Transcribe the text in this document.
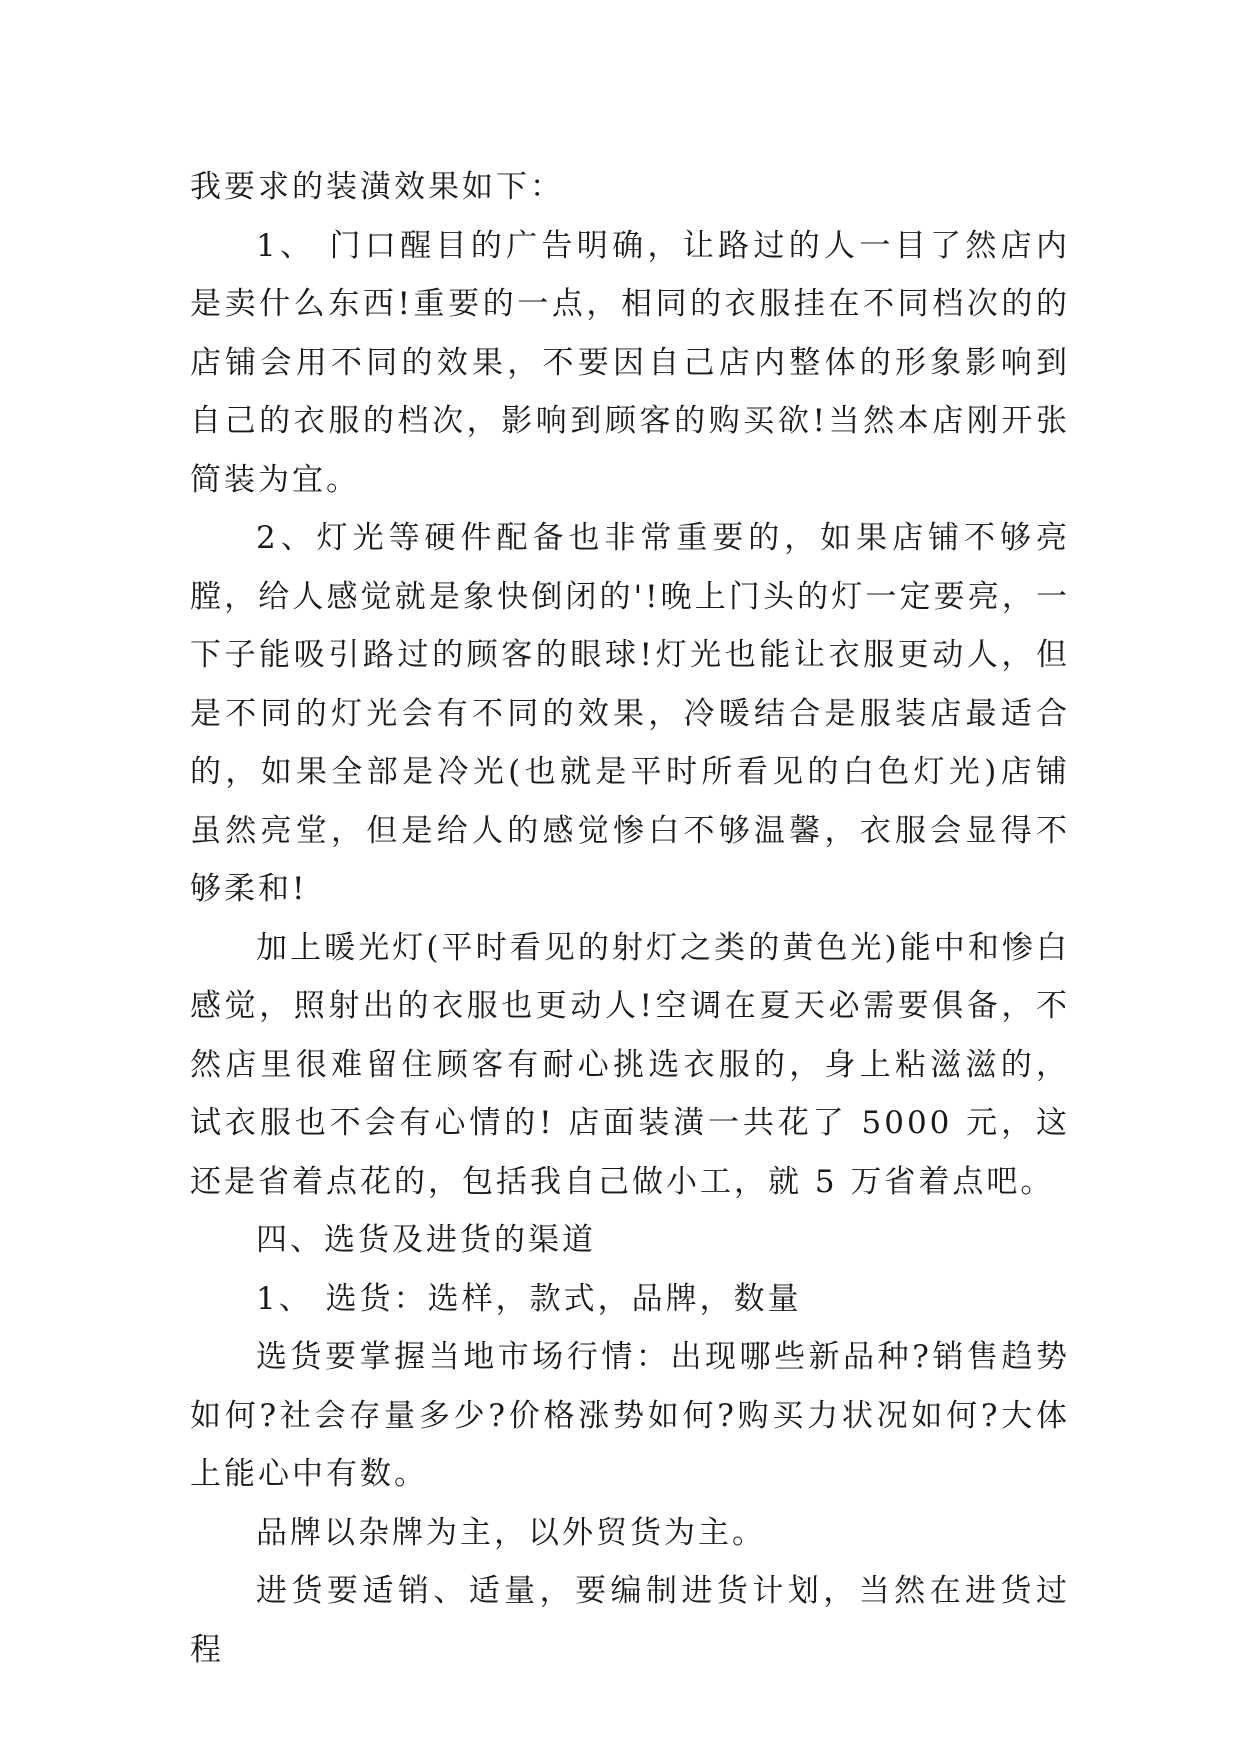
我要求的装潢效果如下：

1、 门口醒目的广告明确，让路过的人一目了然店内是卖什么东西!重要的一点，相同的衣服挂在不同档次的的店铺会用不同的效果，不要因自己店内整体的形象影响到自己的衣服的档次，影响到顾客的购买欲!当然本店刚开张简装为宜。

2、灯光等硬件配备也非常重要的，如果店铺不够亮膛，给人感觉就是象快倒闭的'!晚上门头的灯一定要亮，一下子能吸引路过的顾客的眼球!灯光也能让衣服更动人，但是不同的灯光会有不同的效果，冷暖结合是服装店最适合的，如果全部是冷光(也就是平时所看见的白色灯光)店铺虽然亮堂，但是给人的感觉惨白不够温馨，衣服会显得不够柔和!

加上暖光灯(平时看见的射灯之类的黄色光)能中和惨白感觉，照射出的衣服也更动人!空调在夏天必需要俱备，不然店里很难留住顾客有耐心挑选衣服的，身上粘滋滋的，试衣服也不会有心情的! 店面装潢一共花了 5000 元，这还是省着点花的，包括我自己做小工，就 5 万省着点吧。

四、选货及进货的渠道

1、 选货：选样，款式，品牌，数量

选货要掌握当地市场行情：出现哪些新品种?销售趋势如何?社会存量多少?价格涨势如何?购买力状况如何?大体上能心中有数。

品牌以杂牌为主，以外贸货为主。

进货要适销、适量，要编制进货计划，当然在进货过程
